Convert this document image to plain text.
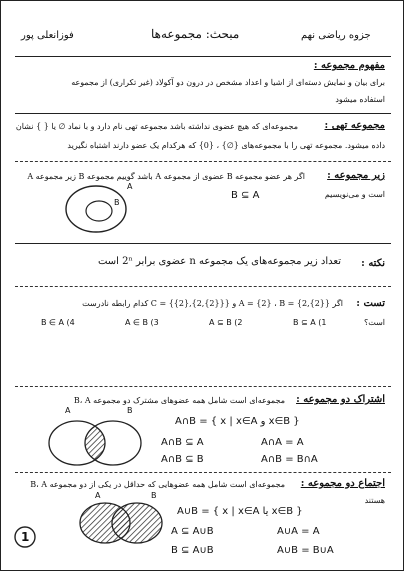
فوزانعلی پور	مبحث: مجموعه‌ها	جزوه ریاضی نهم
مفهوم مجموعه :
برای بیان و نمایش دسته‌ای از اشیا و اعداد مشخص در درون دو آکولاد (غیر تکراری) از مجموعه
استفاده میشود
مجموعه تهی :
مجموعه‌ای که هیچ عضوی نداشته باشد مجموعه تهی نام دارد و با نماد ∅ یا { } نشان
داده میشود. مجموعه تهی را با مجموعه‌های {∅} ، {0} که هرکدام یک عضو دارند اشتباه نگیرید
زیر مجموعه :
اگر هر عضو مجموعه B عضوی از مجموعه A باشد گوییم مجموعه B زیر مجموعه A
است و می‌نویسیم
B ⊆ A
A
B
نکته :
تعداد زیر مجموعه‌های یک مجموعه n عضوی برابر 2ⁿ است
تست :
اگر A = {2} ، B = {2,{2}} و C = {{2},{2,{2}}} کدام رابطه نادرست
است؟
B ⊆ A (1
A ⊆ B (2
A ∈ B (3
B ∈ A (4
اشتراک دو مجموعه :
مجموعه‌ای است شامل همه عضوهای مشترک دو مجموعه B، A
A	B
A∩B = { x | x∈A و x∈B }
A∩B ⊆ A	A∩A = A
A∩B ⊆ B	A∩B = B∩A
اجتماع دو مجموعه :
مجموعه‌ای است شامل همه عضوهایی که حداقل در یکی از دو مجموعه B، A
هستند
A	B
A∪B = { x | x∈A یا x∈B }
A ⊆ A∪B	A∪A = A
B ⊆ A∪B	A∪B = B∪A
1
